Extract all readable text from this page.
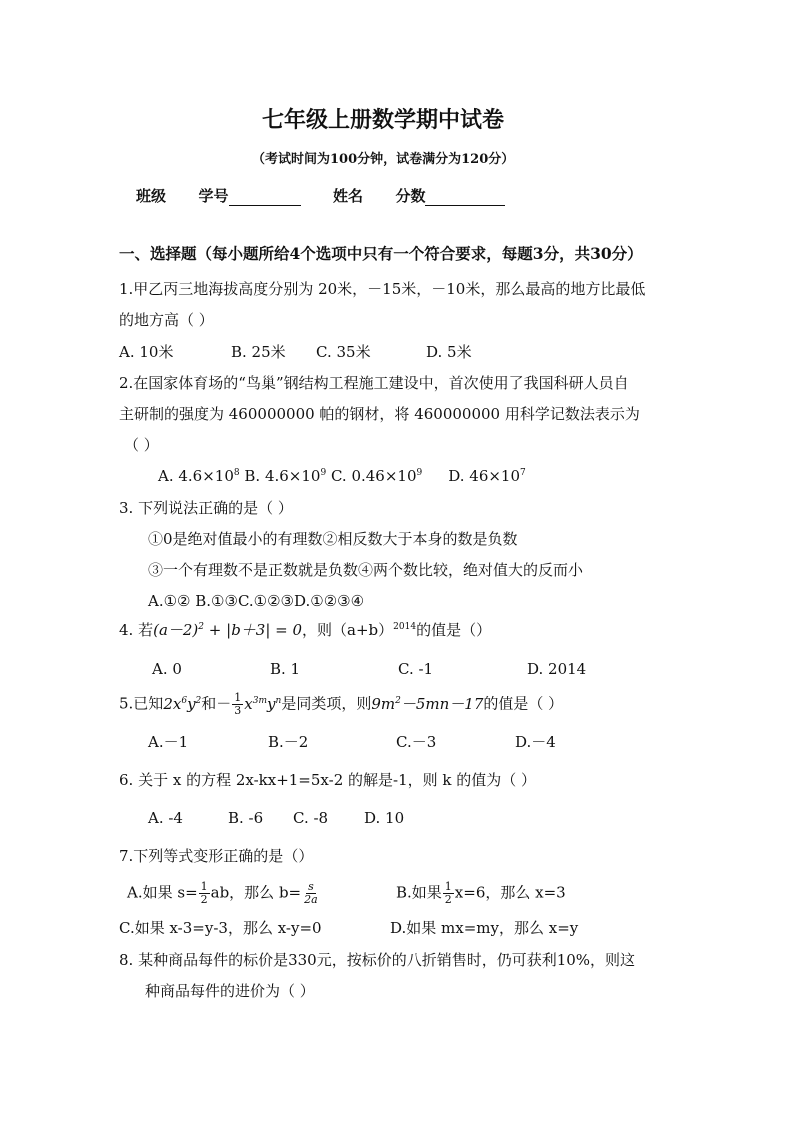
七年级上册数学期中试卷
（考试时间为100分钟，试卷满分为120分）
班级 学号	姓名 分数
一、选择题（每小题所给4个选项中只有一个符合要求，每题3分，共30分）
1.甲乙丙三地海拔高度分别为 20米，－15米，－10米，那么最高的地方比最低
的地方高（ ）
A. 10米	B. 25米 C. 35米	D. 5米
2.在国家体育场的“鸟巢”钢结构工程施工建设中，首次使用了我国科研人员自
主研制的强度为 460000000 帕的钢材，将 460000000 用科学记数法表示为
（ ）
A. $4.6\times 10^8$ B. $4.6\times 10^9$ C. $0.46\times 10^9$ D. $46\times 10^7$
3. 下列说法正确的是（ ）
①0是绝对值最小的有理数②相反数大于本身的数是负数
③一个有理数不是正数就是负数④两个数比较，绝对值大的反而小
A.①② B.①③C.①②③D.①②③④
4. 若$(a-2)^2 + |b+3| = 0$，则$(a+b)^{2014}$的值是（）
A. 0	B. 1	C. -1	D. 2014
5.已知$2x^6y^2$和－ $\frac{1}{3} x^{3m}y^n$是同类项，则$9m^2-5mn-17$的值是（ ）
A.－1	B.－2	C.－3	D.－4
6. 关于 x 的方程 2x-kx+1=5x-2 的解是-1，则 k 的值为（ ）
A. -4	B. -6 C. -8 D. 10
7.下列等式变形正确的是（）
A.如果 $s= \frac{1}{2}$ ab，那么 $b= \frac{s}{2a}$	B.如果 $\frac{1}{2} x=6$，那么 x=3
C.如果 x-3=y-3，那么 x-y=0	D.如果 mx=my，那么 x=y
8. 某种商品每件的标价是330元，按标价的八折销售时，仍可获利10%，则这
种商品每件的进价为（ ）
